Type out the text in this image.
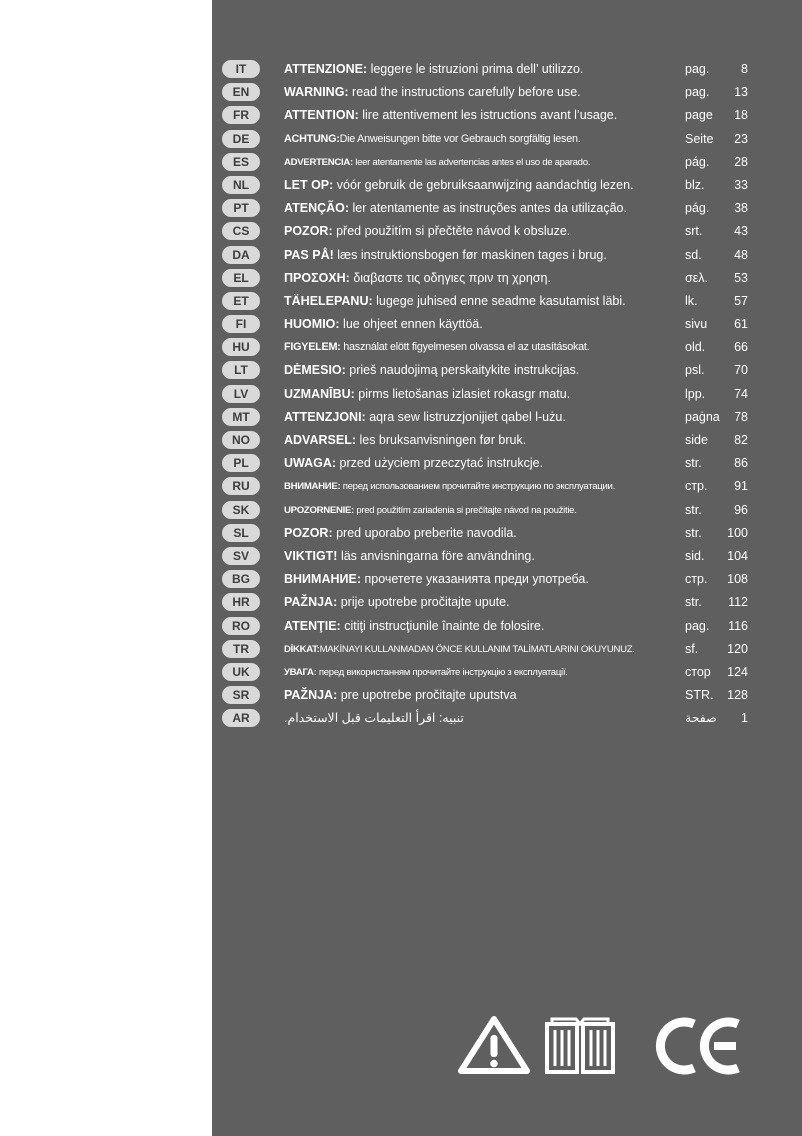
IT	ATTENZIONE: leggere le istruzioni prima dell’ utilizzo.	pag.	8
EN	WARNING: read the instructions carefully before use.	pag.	13
FR	ATTENTION: lire attentivement les istructions avant l’usage.	page	18
DE	ACHTUNG:Die Anweisungen bitte vor Gebrauch sorgfältig lesen.	Seite	23
ES	ADVERTENCIA: leer atentamente las advertencias antes el uso de aparado.	pág.	28
NL	LET OP: vóór gebruik de gebruiksaanwijzing aandachtig lezen.	blz.	33
PT	ATENÇÃO: ler atentamente as instruções antes da utilização.	pág.	38
CS	POZOR: před použitím si přečtěte návod k obsluze.	srt.	43
DA	PAS PÅ! læs instruktionsbogen før maskinen tages i brug.	sd.	48
EL	ΠΡΟΣΟΧΗ: διαβαστε τις οδηγιες πριν τη χρηση.	σελ.	53
ET	TÄHELEPANU: lugege juhised enne seadme kasutamist läbi.	lk.	57
FI	HUOMIO: lue ohjeet ennen käyttöä.	sivu	61
HU	FIGYELEM: használat elött figyelmesen olvassa el az utasításokat.	old.	66
LT	DĖMESIO: prieš naudojimą perskaitykite instrukcijas.	psl.	70
LV	UZMANĪBU: pirms lietošanas izlasiet rokasgr matu.	lpp.	74
MT	ATTENZJONI: aqra sew listruzzjonijiet qabel l-użu.	paġna	78
NO	ADVARSEL: les bruksanvisningen før bruk.	side	82
PL	UWAGA: przed użyciem przeczytać instrukcje.	str.	86
RU	ВНИМАНИЕ: перед использованием прочитайте инструкцию по эксплуатации.	стр.	91
SK	UPOZORNENIE: pred použitím zariadenia si prečítajte návod na použitie.	str.	96
SL	POZOR: pred uporabo preberite navodila.	str.	100
SV	VIKTIGT! läs anvisningarna före användning.	sid.	104
BG	ВНИМАНИЕ: прочетете указанията преди употреба.	стр.	108
HR	PAŽNJA: prije upotrebe pročitajte upute.	str.	112
RO	ATENŢIE: citiţi instrucţiunile înainte de folosire.	pag.	116
TR	DİKKAT:MAKİNAYI KULLANMADAN ÖNCE KULLANIM TALİMATLARINI OKUYUNUZ.	sf.	120
UK	УВАГА: перед використанням прочитайте інструкцію з експлуатації.	стор	124
SR	PAŽNJA: pre upotrebe pročitajte uputstva	STR.	128
AR	تنبيه: اقرأ التعليمات قبل الاستخدام.	صفحة	1
